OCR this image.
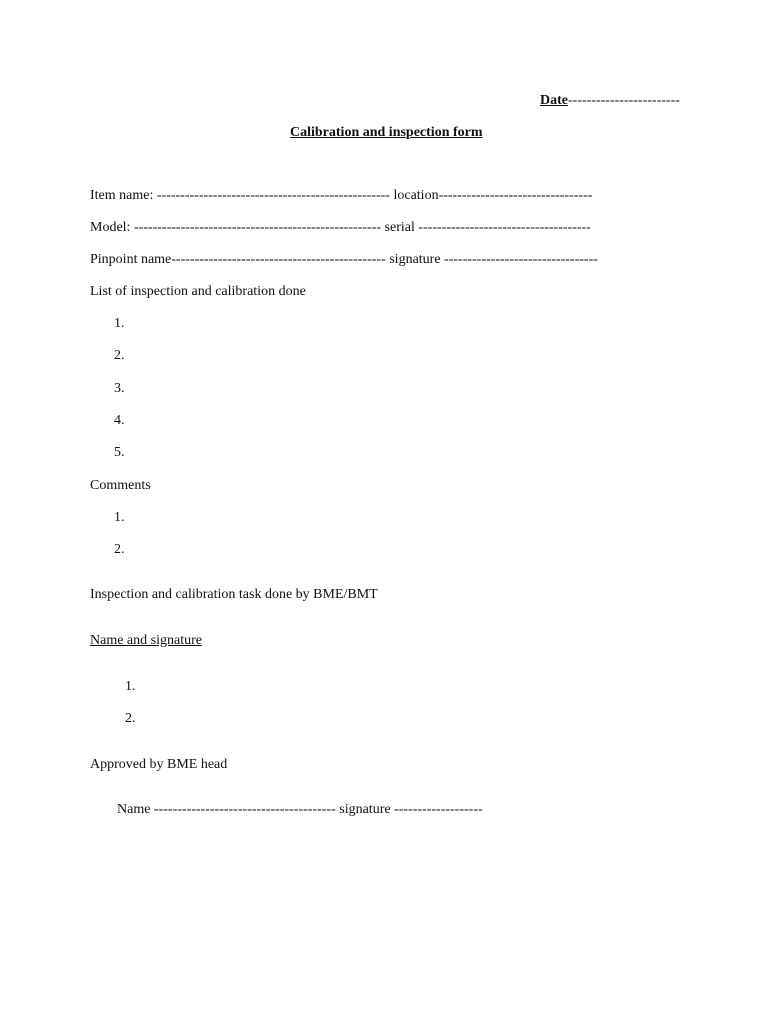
Date------------------------
Calibration and inspection form
Item name: -------------------------------------------------- location---------------------------------
Model: ----------------------------------------------------- serial -------------------------------------
Pinpoint name---------------------------------------------- signature ---------------------------------
List of inspection and calibration done
1.
2.
3.
4.
5.
Comments
1.
2.
Inspection and calibration task done by BME/BMT
Name and signature
1.
2.
Approved by BME head
Name --------------------------------------- signature -------------------
